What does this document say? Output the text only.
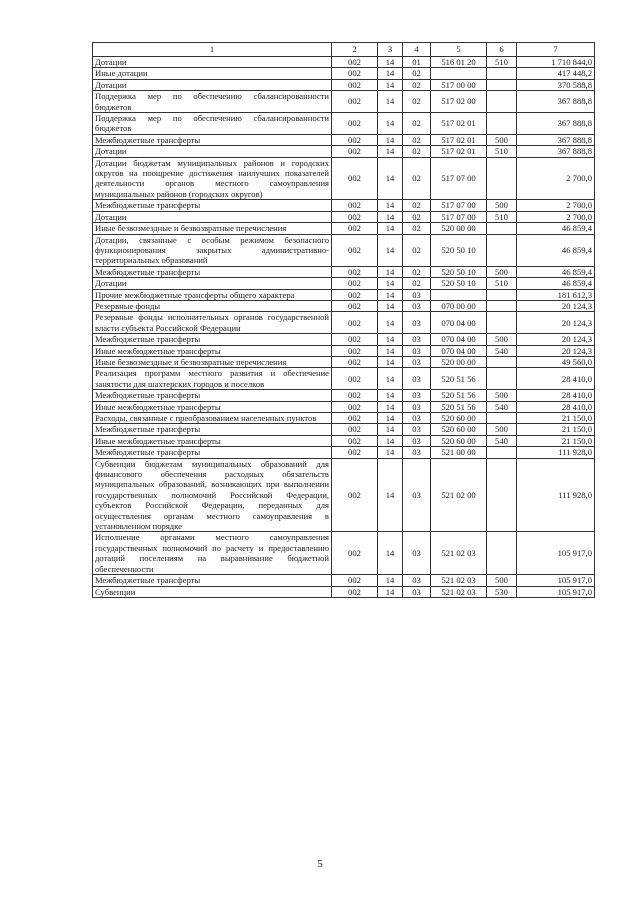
1	2	3	4	5	6	7
Дотации	002	14	01	516 01 20	510	1 710 844,0
Иные дотации	002	14	02			417 448,2
Дотации	002	14	02	517 00 00		370 588,8
Поддержка мер по обеспечению сбалансированности бюджетов	002	14	02	517 02 00		367 888,8
Поддержка мер по обеспечению сбалансированности бюджетов	002	14	02	517 02 01		367 888,8
Межбюджетные трансферты	002	14	02	517 02 01	500	367 888,8
Дотации	002	14	02	517 02 01	510	367 888,8
Дотации бюджетам муниципальных районов и городских округов на поощрение достижения наилучших показателей деятельности органов местного самоуправления муниципальных районов (городских округов)	002	14	02	517 07 00		2 700,0
Межбюджетные трансферты	002	14	02	517 07 00	500	2 700,0
Дотации	002	14	02	517 07 00	510	2 700,0
Иные безвозмездные и безвозвратные перечисления	002	14	02	520 00 00		46 859,4
Дотации, связанные с особым режимом безопасного функционирования закрытых административно-территориальных образований	002	14	02	520 50 10		46 859,4
Межбюджетные трансферты	002	14	02	520 50 10	500	46 859,4
Дотации	002	14	02	520 50 10	510	46 859,4
Прочие межбюджетные трансферты общего характера	002	14	03			181 612,3
Резервные фонды	002	14	03	070 00 00		20 124,3
Резервные фонды исполнительных органов государственной власти субъекта Российской Федерации	002	14	03	070 04 00		20 124,3
Межбюджетные трансферты	002	14	03	070 04 00	500	20 124,3
Иные межбюджетные трансферты	002	14	03	070 04 00	540	20 124,3
Иные безвозмездные и безвозвратные перечисления	002	14	03	520 00 00		49 560,0
Реализация программ местного развития и обеспечение занятости для шахтерских городов и поселков	002	14	03	520 51 56		28 410,0
Межбюджетные трансферты	002	14	03	520 51 56	500	28 410,0
Иные межбюджетные трансферты	002	14	03	520 51 56	540	28 410,0
Расходы, связанные с преобразованием населенных пунктов	002	14	03	520 60 00		21 150,0
Межбюджетные трансферты	002	14	03	520 60 00	500	21 150,0
Иные межбюджетные трансферты	002	14	03	520 60 00	540	21 150,0
Межбюджетные трансферты	002	14	03	521 00 00		111 928,0
Субвенции бюджетам муниципальных образований для финансового обеспечения расходных обязательств муниципальных образований, возникающих при выполнении государственных полномочий Российской Федерации, субъектов Российской Федерации, переданных для осуществления органам местного самоуправления в установленном порядке	002	14	03	521 02 00		111 928,0
Исполнение органами местного самоуправления государственных полномочий по расчету и предоставлению дотаций поселениям на выравнивание бюджетной обеспеченности	002	14	03	521 02 03		105 917,0
Межбюджетные трансферты	002	14	03	521 02 03	500	105 917,0
Субвенции	002	14	03	521 02 03	530	105 917,0
5
